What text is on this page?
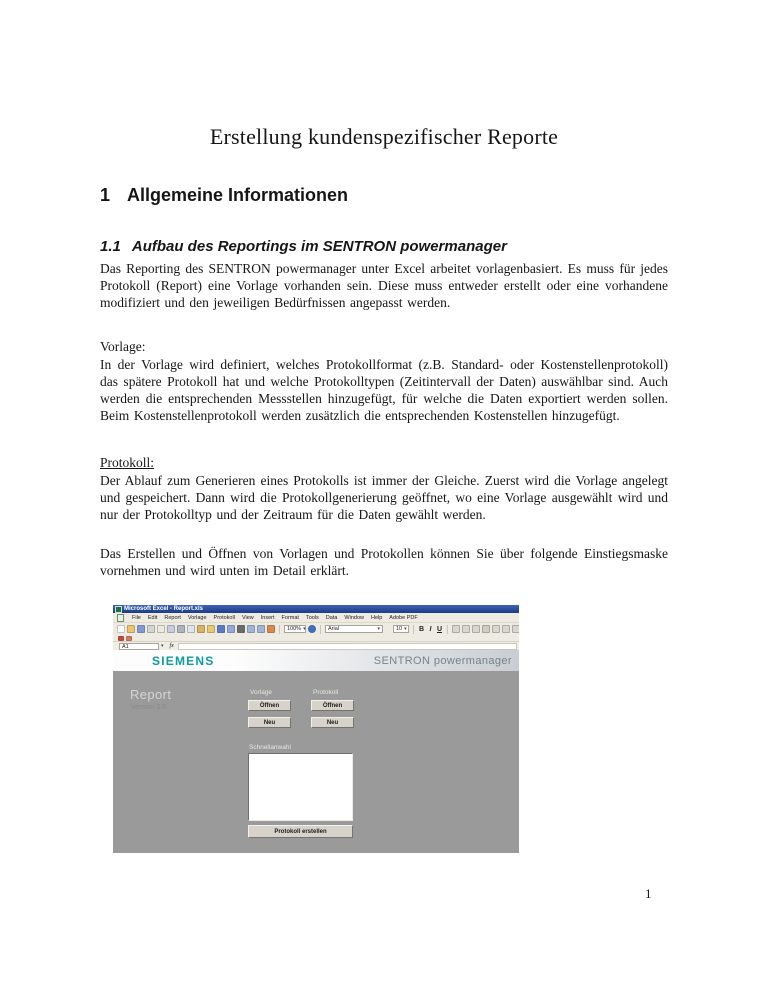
Erstellung kundenspezifischer Reporte
1 Allgemeine Informationen
1.1 Aufbau des Reportings im SENTRON powermanager
Das Reporting des SENTRON powermanager unter Excel arbeitet vorlagenbasiert. Es muss für jedes Protokoll (Report) eine Vorlage vorhanden sein. Diese muss entweder erstellt oder eine vorhandene modifiziert und den jeweiligen Bedürfnissen angepasst werden.
Vorlage:
In der Vorlage wird definiert, welches Protokollformat (z.B. Standard- oder Kostenstellenprotokoll) das spätere Protokoll hat und welche Protokolltypen (Zeitintervall der Daten) auswählbar sind. Auch werden die entsprechenden Messstellen hinzugefügt, für welche die Daten exportiert werden sollen. Beim Kostenstellenprotokoll werden zusätzlich die entsprechenden Kostenstellen hinzugefügt.
Protokoll:
Der Ablauf zum Generieren eines Protokolls ist immer der Gleiche. Zuerst wird die Vorlage angelegt und gespeichert. Dann wird die Protokollgenerierung geöffnet, wo eine Vorlage ausgewählt wird und nur der Protokolltyp und der Zeitraum für die Daten gewählt werden.
Das Erstellen und Öffnen von Vorlagen und Protokollen können Sie über folgende Einstiegsmaske vornehmen und wird unten im Detail erklärt.
Microsoft Excel - Report.xls
File Edit Report Vorlage Protokoll View Insert Format Tools Data Window Help Adobe PDF
100% ▾	Arial	▾	10 ▾ B I U
A1	▾ fx
SIEMENS	SENTRON powermanager
Report
Version 3.0
Vorlage	Protokoll
Öffnen
Neu
Öffnen
Neu
Schnellanwahl
Protokoll erstellen
1
